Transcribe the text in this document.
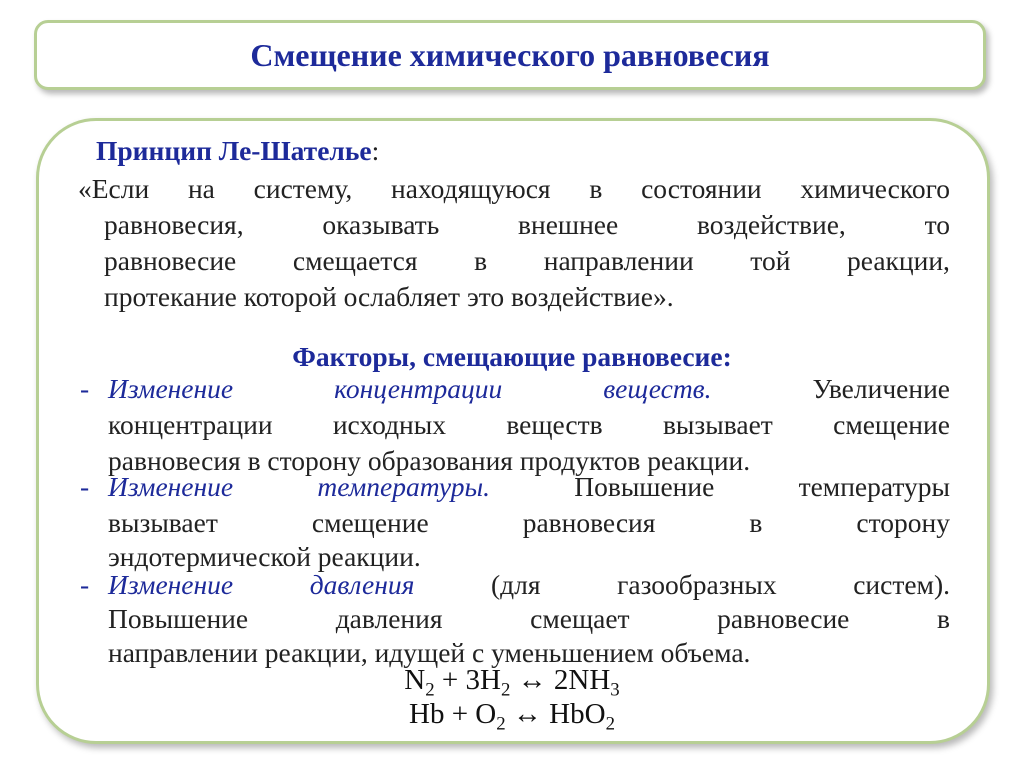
Смещение химического равновесия
Принцип Ле-Шателье:
«Если на систему, находящуюся в состоянии химического
равновесия,	оказывать	внешнее	воздействие,	то
равновесие смещается в направлении той реакции,
протекание которой ослабляет это воздействие».
Факторы, смещающие равновесие:
- Изменение	концентрации	веществ.	Увеличение
концентрации исходных веществ вызывает смещение
равновесия в сторону образования продуктов реакции.
- Изменение	температуры.	Повышение	температуры
вызывает	смещение	равновесия	в	сторону
эндотермической реакции.
- Изменение	давления	(для	газообразных	систем).
Повышение	давления	смещает	равновесие	в
направлении реакции, идущей с уменьшением объема.
$N_2 + 3H_2$ ↔ $2NH_3$
$Hb + O_2$ ↔ HbO$_2$
